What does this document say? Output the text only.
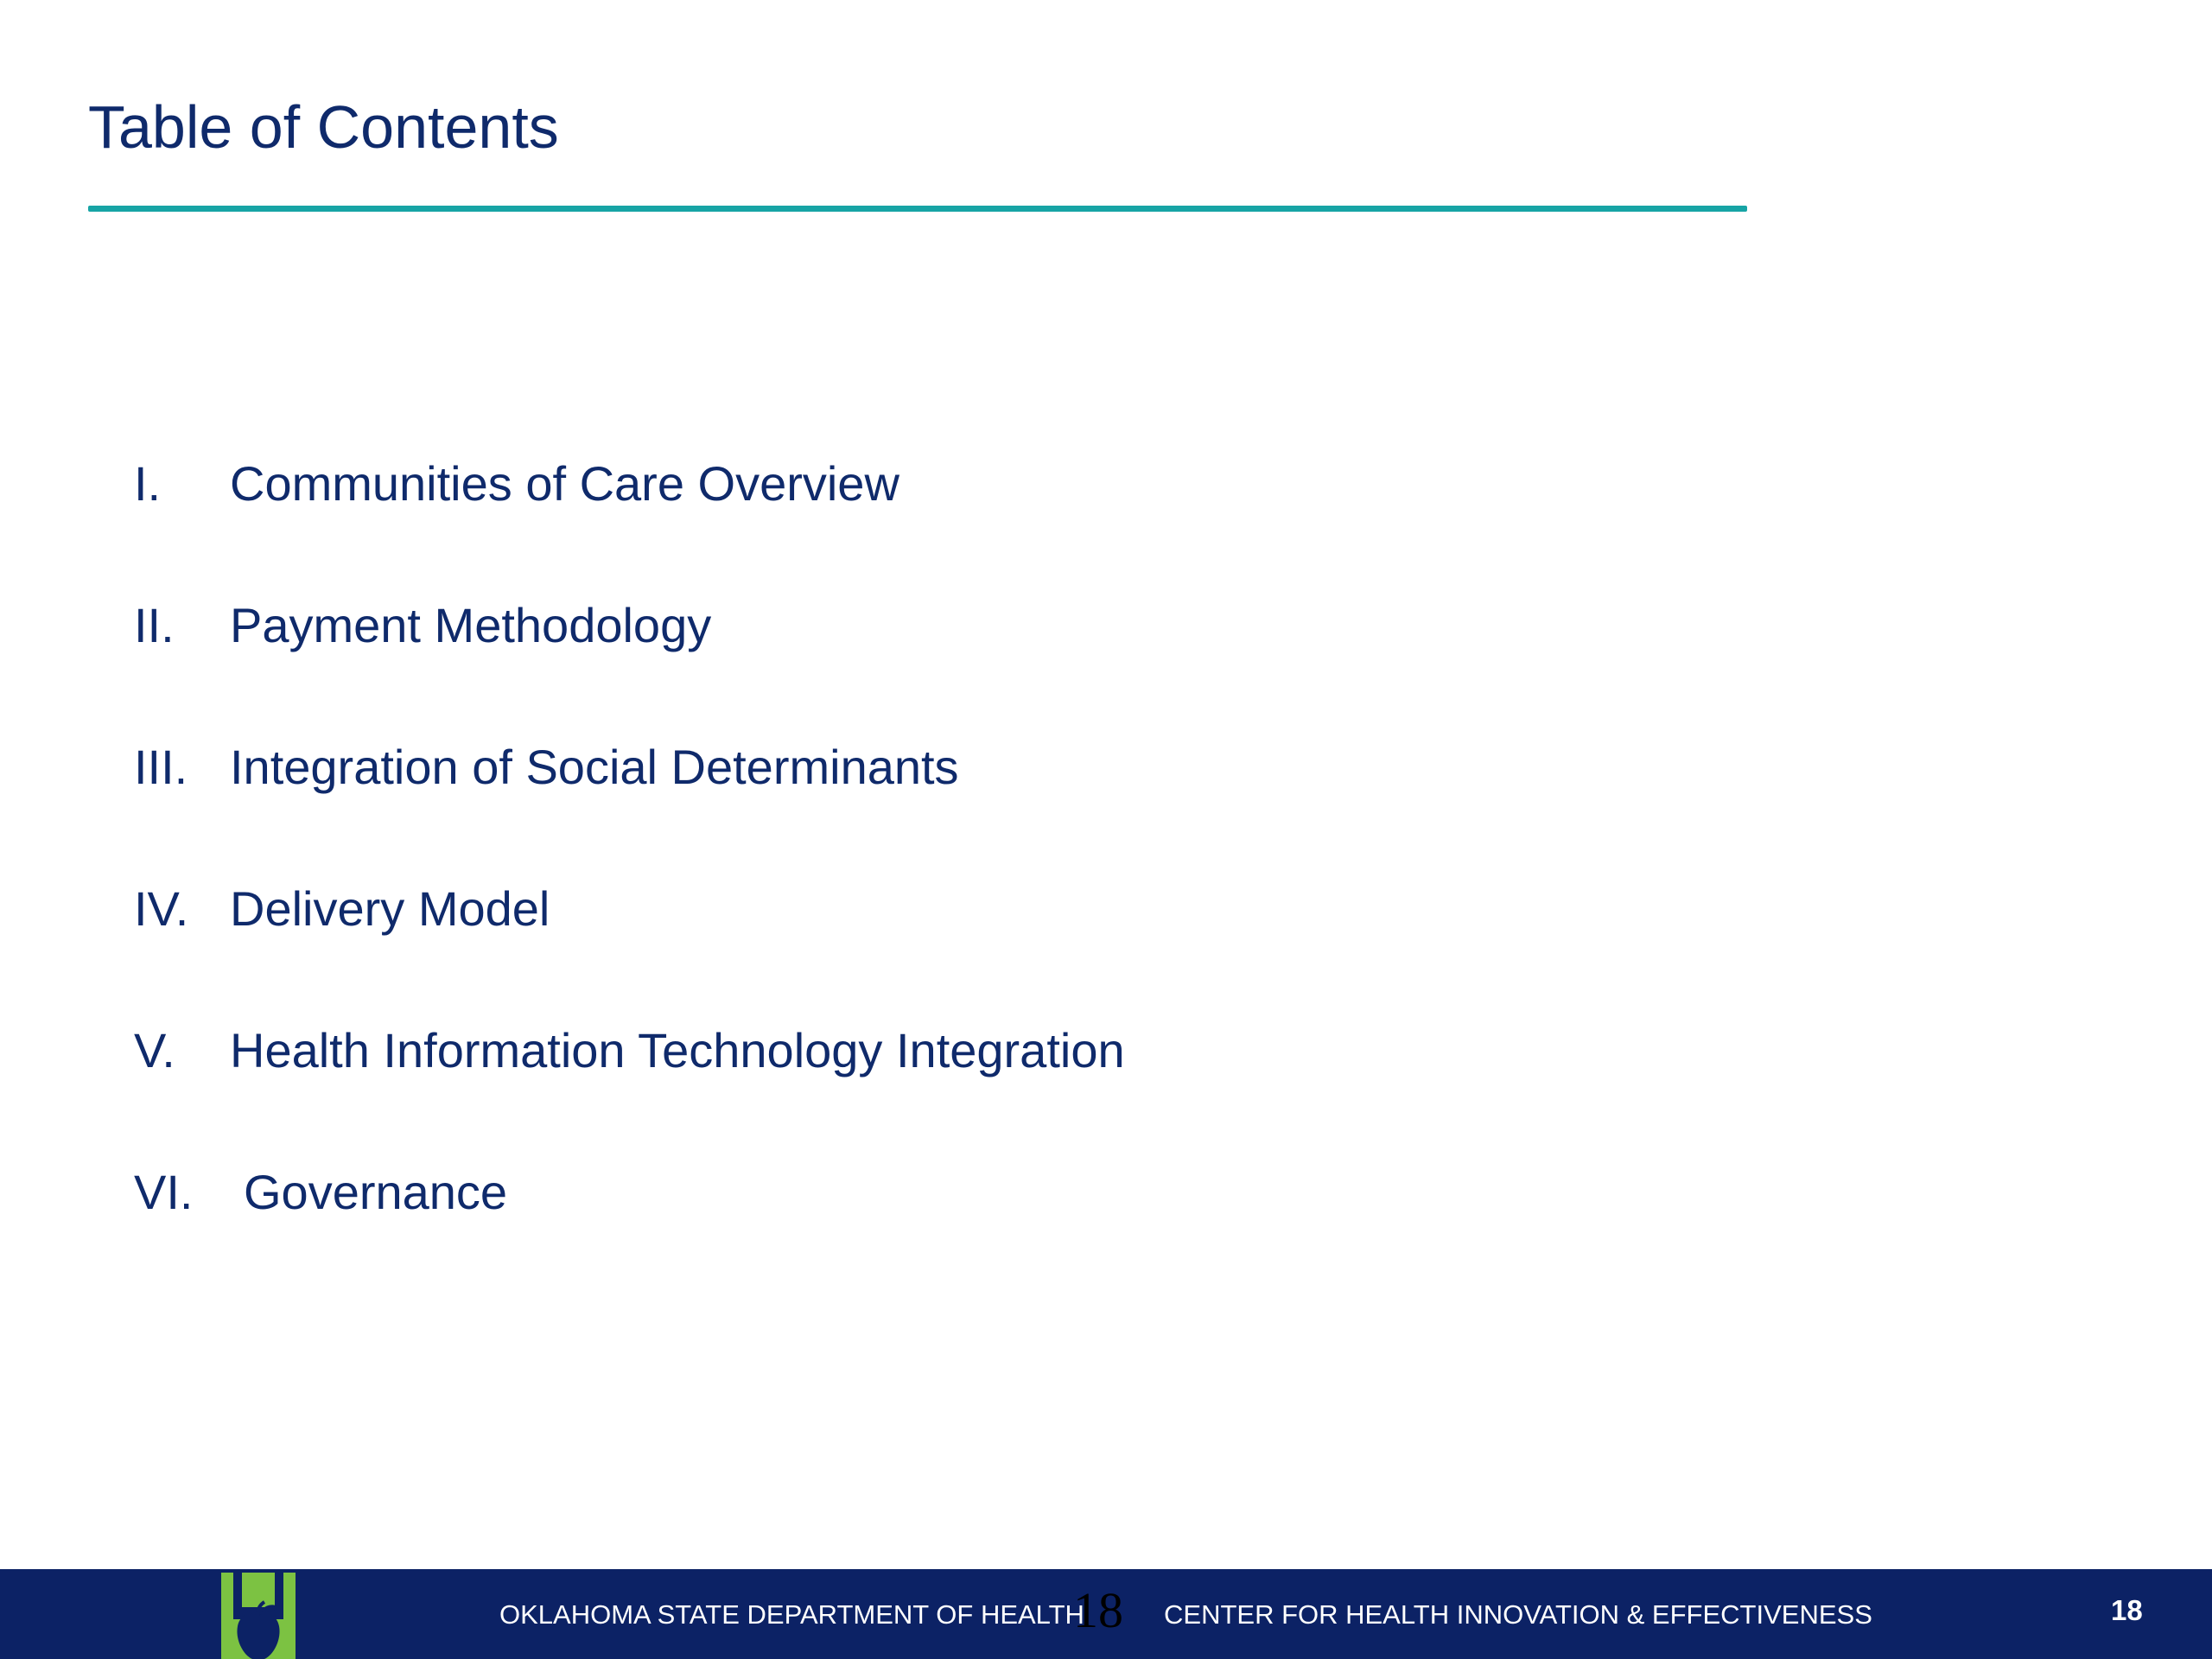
Table of Contents
I. Communities of Care Overview
II. Payment Methodology
III. Integration of Social Determinants
IV. Delivery Model
V. Health Information Technology Integration
VI. Governance
OKLAHOMA STATE DEPARTMENT OF HEALTH
18 CENTER FOR HEALTH INNOVATION & EFFECTIVENESS	18
